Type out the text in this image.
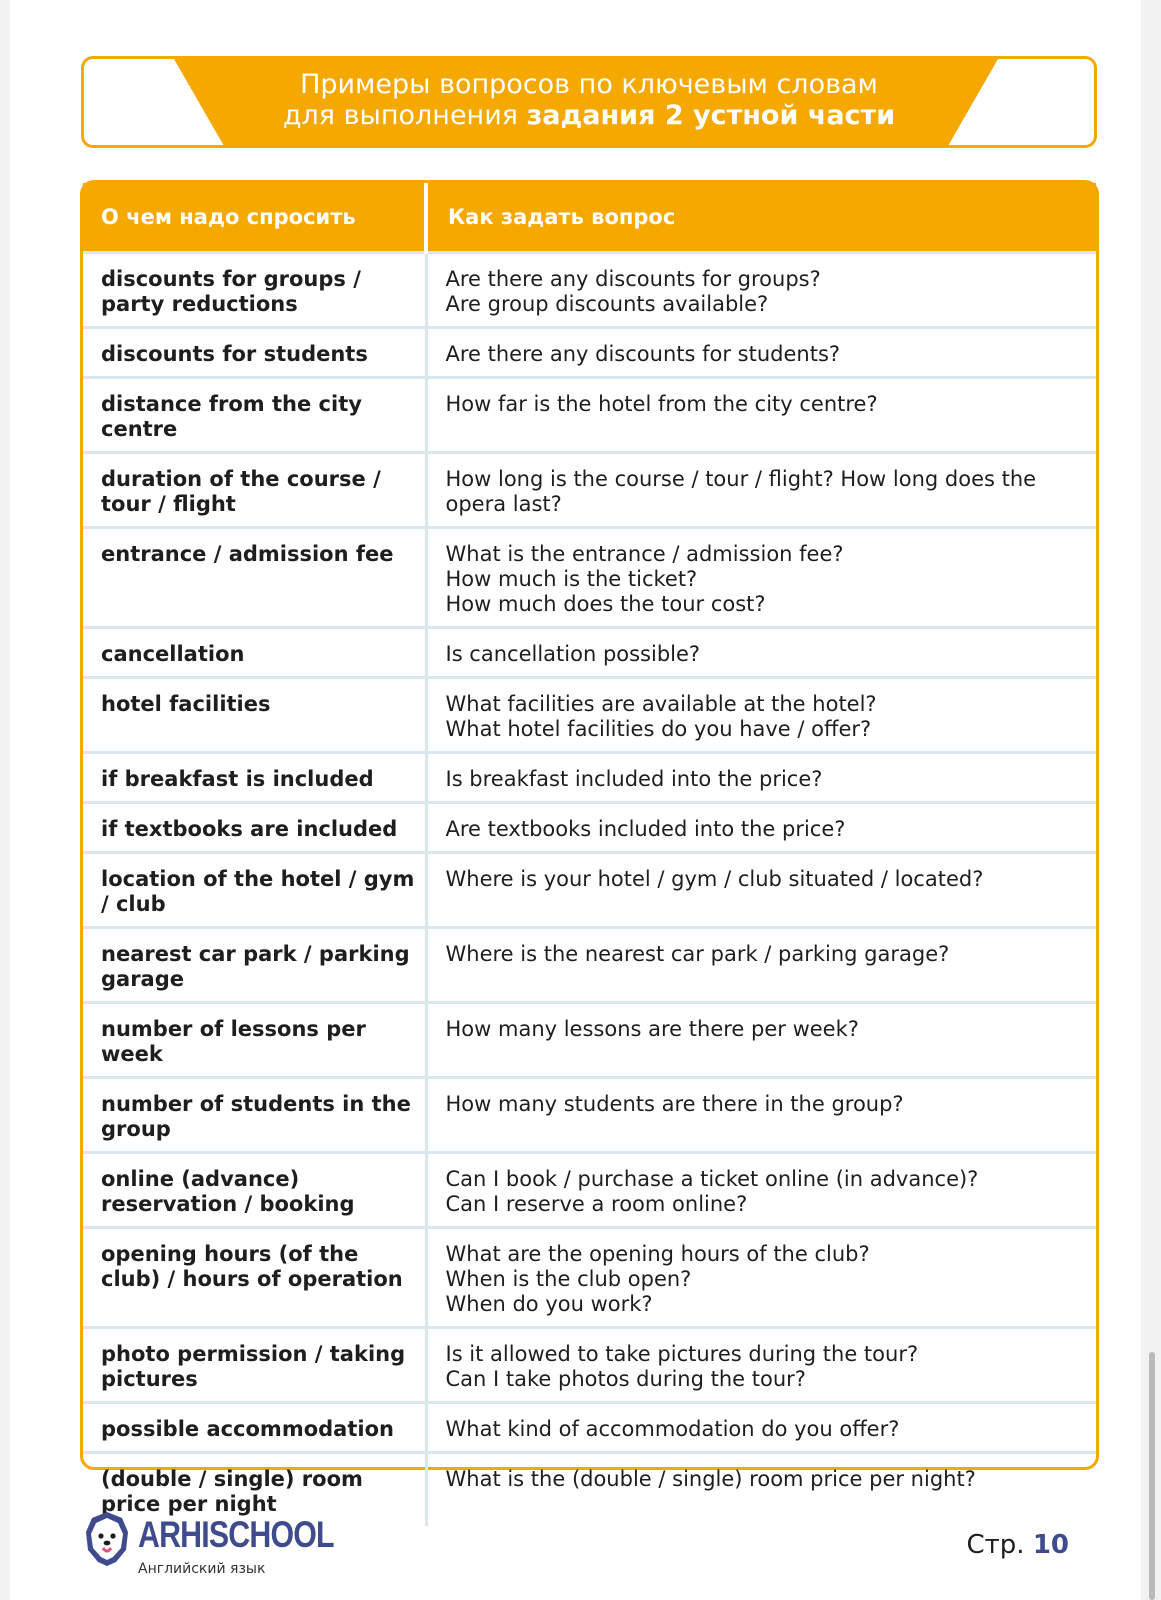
Примеры вопросов по ключевым словам
для выполнения задания 2 устной части
О чем надо спросить	Как задать вопрос
discounts for groups / party reductions	Are there any discounts for groups?
Are group discounts available?
discounts for students	Are there any discounts for students?
distance from the city centre	How far is the hotel from the city centre?
duration of the course / tour / flight	How long is the course / tour / flight? How long does the opera last?
entrance / admission fee	What is the entrance / admission fee?
How much is the ticket?
How much does the tour cost?
cancellation	Is cancellation possible?
hotel facilities	What facilities are available at the hotel?
What hotel facilities do you have / offer?
if breakfast is included	Is breakfast included into the price?
if textbooks are included	Are textbooks included into the price?
location of the hotel / gym / club	Where is your hotel / gym / club situated / located?
nearest car park / parking garage	Where is the nearest car park / parking garage?
number of lessons per week	How many lessons are there per week?
number of students in the group	How many students are there in the group?
online (advance) reservation / booking	Can I book / purchase a ticket online (in advance)?
Can I reserve a room online?
opening hours (of the club) / hours of operation	What are the opening hours of the club?
When is the club open?
When do you work?
photo permission / taking pictures	Is it allowed to take pictures during the tour?
Can I take photos during the tour?
possible accommodation	What kind of accommodation do you offer?
(double / single) room price per night	What is the (double / single) room price per night?
ARHISCHOOL
Английский язык
Стр. 10
